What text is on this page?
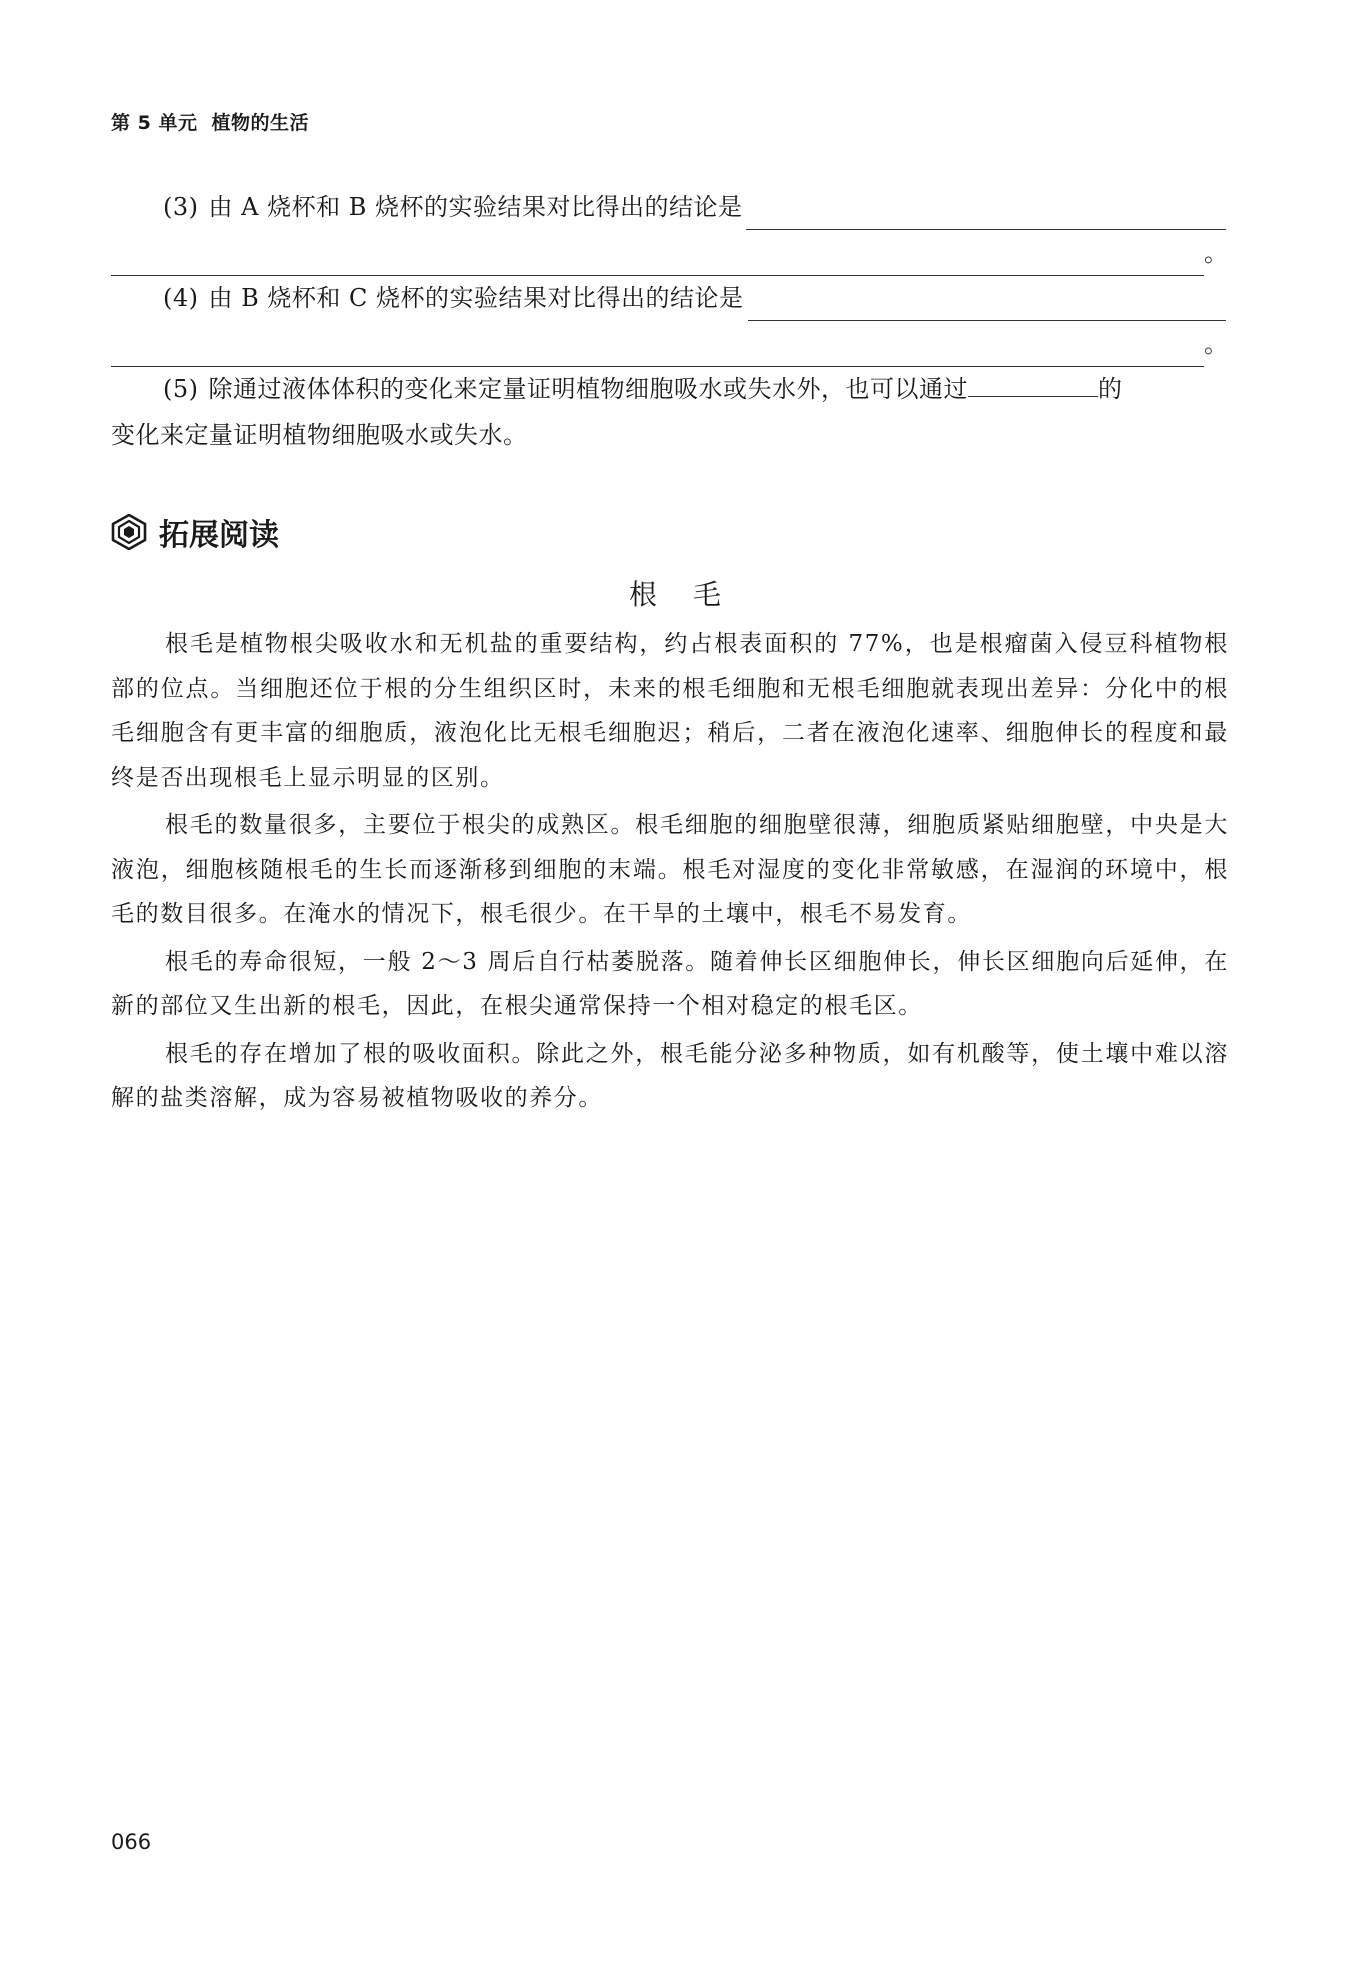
第 5 单元 植物的生活
(3) 由 A 烧杯和 B 烧杯的实验结果对比得出的结论是
。
(4) 由 B 烧杯和 C 烧杯的实验结果对比得出的结论是
。
(5) 除通过液体体积的变化来定量证明植物细胞吸水或失水外，也可以通过	的
变化来定量证明植物细胞吸水或失水。
拓展阅读
根毛

根毛是植物根尖吸收水和无机盐的重要结构，约占根表面积的 77%，也是根瘤菌入侵豆科植物根部的位点。当细胞还位于根的分生组织区时，未来的根毛细胞和无根毛细胞就表现出差异：分化中的根毛细胞含有更丰富的细胞质，液泡化比无根毛细胞迟；稍后，二者在液泡化速率、细胞伸长的程度和最终是否出现根毛上显示明显的区别。

根毛的数量很多，主要位于根尖的成熟区。根毛细胞的细胞壁很薄，细胞质紧贴细胞壁，中央是大液泡，细胞核随根毛的生长而逐渐移到细胞的末端。根毛对湿度的变化非常敏感，在湿润的环境中，根毛的数目很多。在淹水的情况下，根毛很少。在干旱的土壤中，根毛不易发育。

根毛的寿命很短，一般 2～3 周后自行枯萎脱落。随着伸长区细胞伸长，伸长区细胞向后延伸，在新的部位又生出新的根毛，因此，在根尖通常保持一个相对稳定的根毛区。

根毛的存在增加了根的吸收面积。除此之外，根毛能分泌多种物质，如有机酸等，使土壤中难以溶解的盐类溶解，成为容易被植物吸收的养分。

066
